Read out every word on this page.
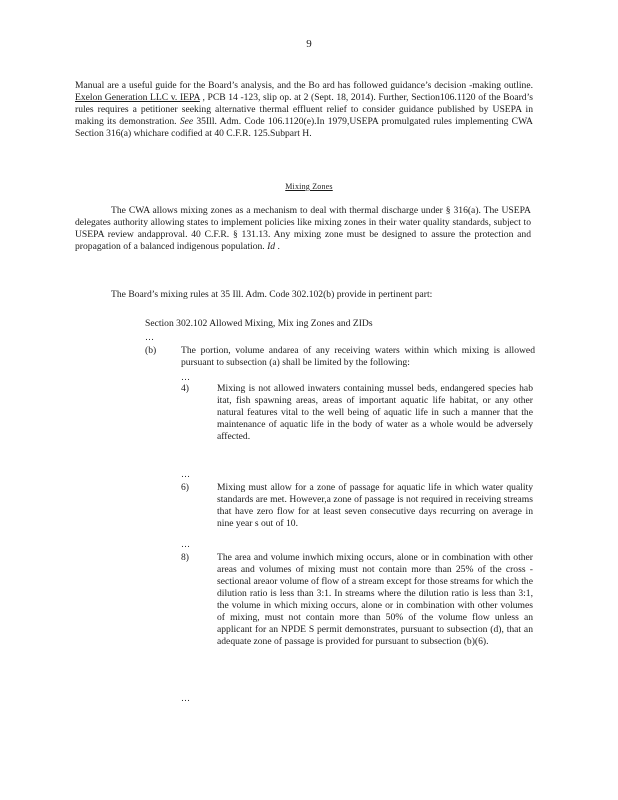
9
Manual are a useful guide for the Board’s analysis, and the Bo ard has followed guidance’s decision -making outline. Exelon Generation LLC v. IEPA , PCB 14 -123, slip op. at 2 (Sept. 18, 2014). Further, Section106.1120 of the Board’s rules requires a petitioner seeking alternative thermal effluent relief to consider guidance published by USEPA in making its demonstration. See 35Ill. Adm. Code 106.1120(e).In 1979,USEPA promulgated rules implementing CWA Section 316(a) whichare codified at 40 C.F.R. 125.Subpart H.
Mixing Zones
The CWA allows mixing zones as a mechanism to deal with thermal discharge under § 316(a). The USEPA delegates authority allowing states to implement policies like mixing zones in their water quality standards, subject to USEPA review andapproval. 40 C.F.R. § 131.13. Any mixing zone must be designed to assure the protection and propagation of a balanced indigenous population. Id .
The Board’s mixing rules at 35 Ill. Adm. Code 302.102(b) provide in pertinent part:
Section 302.102 Allowed Mixing, Mix ing Zones and ZIDs
…
(b)	The portion, volume andarea of any receiving waters within which mixing is allowed pursuant to subsection (a) shall be limited by the following:
…
4)	Mixing is not allowed inwaters containing mussel beds, endangered species hab itat, fish spawning areas, areas of important aquatic life habitat, or any other natural features vital to the well being of aquatic life in such a manner that the maintenance of aquatic life in the body of water as a whole would be adversely affected.
…
6)	Mixing must allow for a zone of passage for aquatic life in which water quality standards are met. However,a zone of passage is not required in receiving streams that have zero flow for at least seven consecutive days recurring on average in nine year s out of 10.
…
8)	The area and volume inwhich mixing occurs, alone or in combination with other areas and volumes of mixing must not contain more than 25% of the cross -sectional areaor volume of flow of a stream except for those streams for which the dilution ratio is less than 3:1. In streams where the dilution ratio is less than 3:1, the volume in which mixing occurs, alone or in combination with other volumes of mixing, must not contain more than 50% of the volume flow unless an applicant for an NPDE S permit demonstrates, pursuant to subsection (d), that an adequate zone of passage is provided for pursuant to subsection (b)(6).
…
